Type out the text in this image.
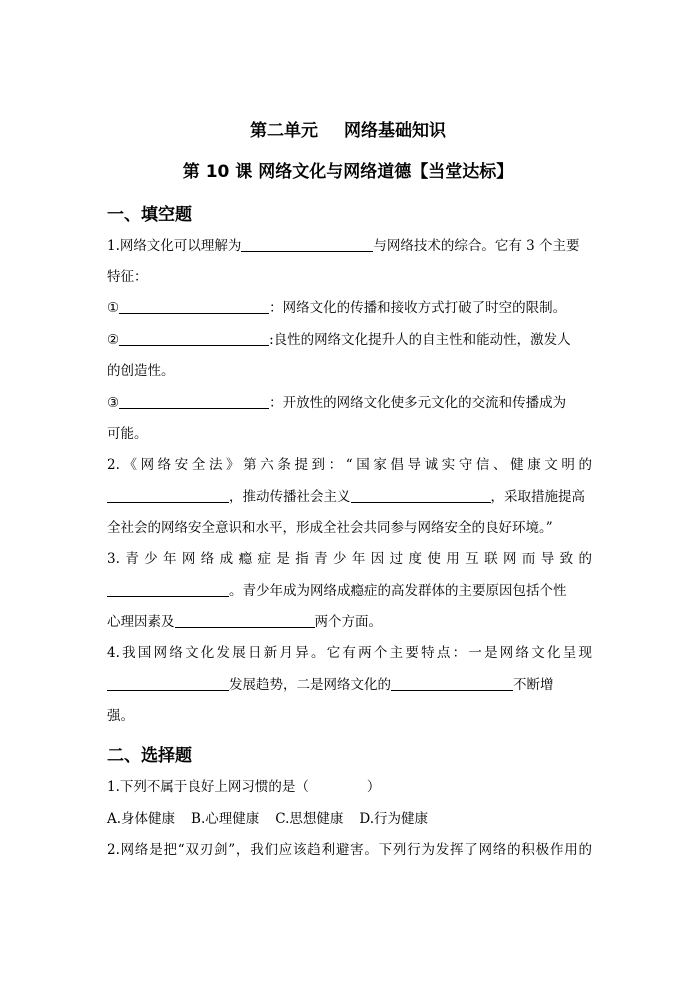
第二单元 网络基础知识
第 10 课 网络文化与网络道德【当堂达标】
一、填空题
1.网络文化可以理解为	与网络技术的综合。它有 3 个主要
特征：
①	：网络文化的传播和接收方式打破了时空的限制。
②	:良性的网络文化提升人的自主性和能动性，激发人
的创造性。
③	：开放性的网络文化使多元文化的交流和传播成为
可能。
2.《网络安全法》第六条提到：“国家倡导诚实守信、健康文明的
，推动传播社会主义	，采取措施提高
全社会的网络安全意识和水平，形成全社会共同参与网络安全的良好环境。”
3.青少年网络成瘾症是指青少年因过度使用互联网而导致的
。青少年成为网络成瘾症的高发群体的主要原因包括个性
心理因素及	两个方面。
4.我国网络文化发展日新月异。它有两个主要特点：一是网络文化呈现
发展趋势，二是网络文化的	不断增
强。
二、选择题
1.下列不属于良好上网习惯的是（	）
A.身体健康 B.心理健康 C.思想健康 D.行为健康
2.网络是把“双刃剑”，我们应该趋利避害。下列行为发挥了网络的积极作用的
